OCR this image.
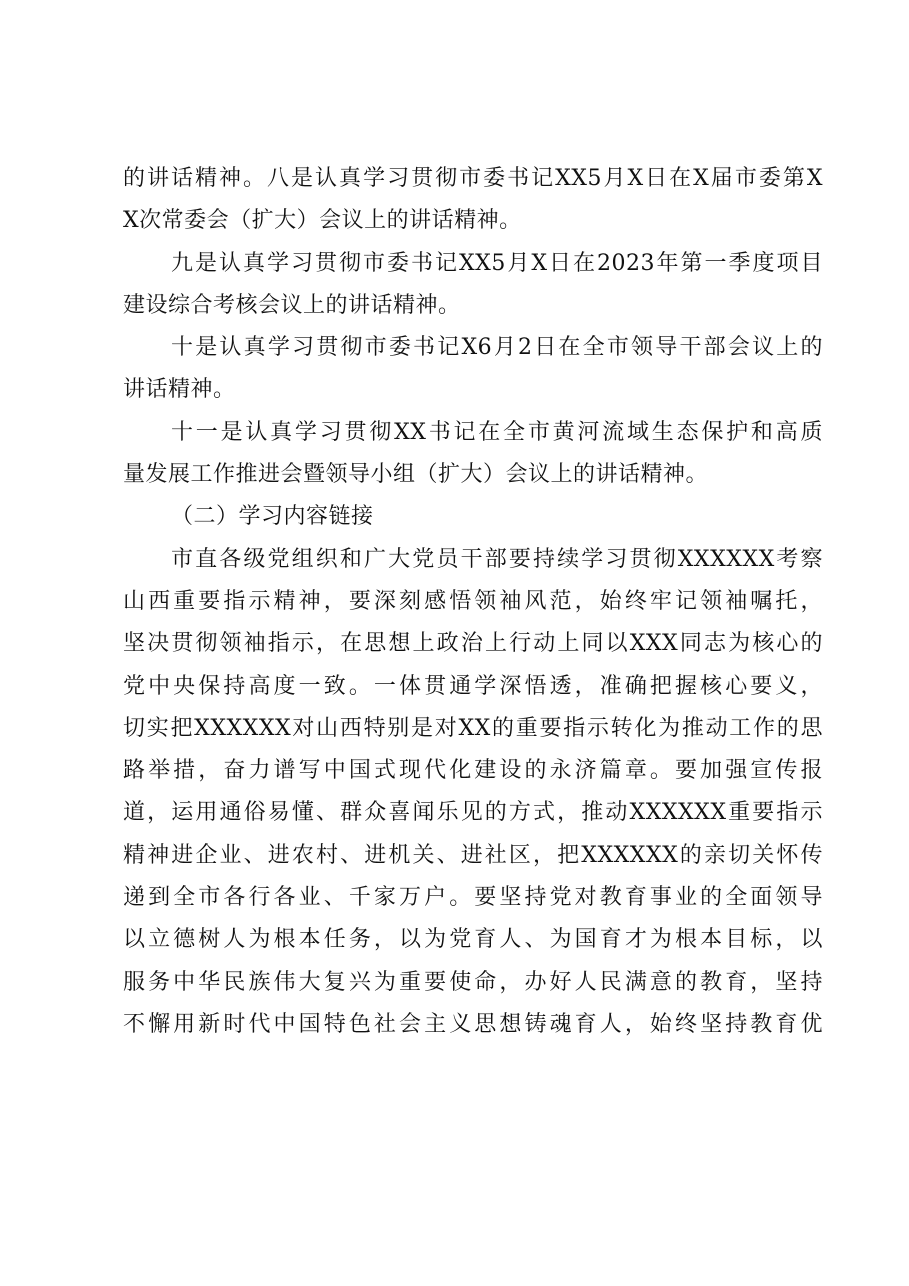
的讲话精神。八是认真学习贯彻市委书记XX5月X日在X届市委第X
X次常委会（扩大）会议上的讲话精神。
九是认真学习贯彻市委书记XX5月X日在2023年第一季度项目
建设综合考核会议上的讲话精神。
十是认真学习贯彻市委书记X6月2日在全市领导干部会议上的
讲话精神。
十一是认真学习贯彻XX书记在全市黄河流域生态保护和高质
量发展工作推进会暨领导小组（扩大）会议上的讲话精神。
（二）学习内容链接
市直各级党组织和广大党员干部要持续学习贯彻XXXXXX考察
山西重要指示精神，要深刻感悟领袖风范，始终牢记领袖嘱托，
坚决贯彻领袖指示，在思想上政治上行动上同以XXX同志为核心的
党中央保持高度一致。一体贯通学深悟透，准确把握核心要义，
切实把XXXXXX对山西特别是对XX的重要指示转化为推动工作的思
路举措，奋力谱写中国式现代化建设的永济篇章。要加强宣传报
道，运用通俗易懂、群众喜闻乐见的方式，推动XXXXXX重要指示
精神进企业、进农村、进机关、进社区，把XXXXXX的亲切关怀传
递到全市各行各业、千家万户。要坚持党对教育事业的全面领导
以立德树人为根本任务，以为党育人、为国育才为根本目标，以
服务中华民族伟大复兴为重要使命，办好人民满意的教育，坚持
不懈用新时代中国特色社会主义思想铸魂育人，始终坚持教育优
